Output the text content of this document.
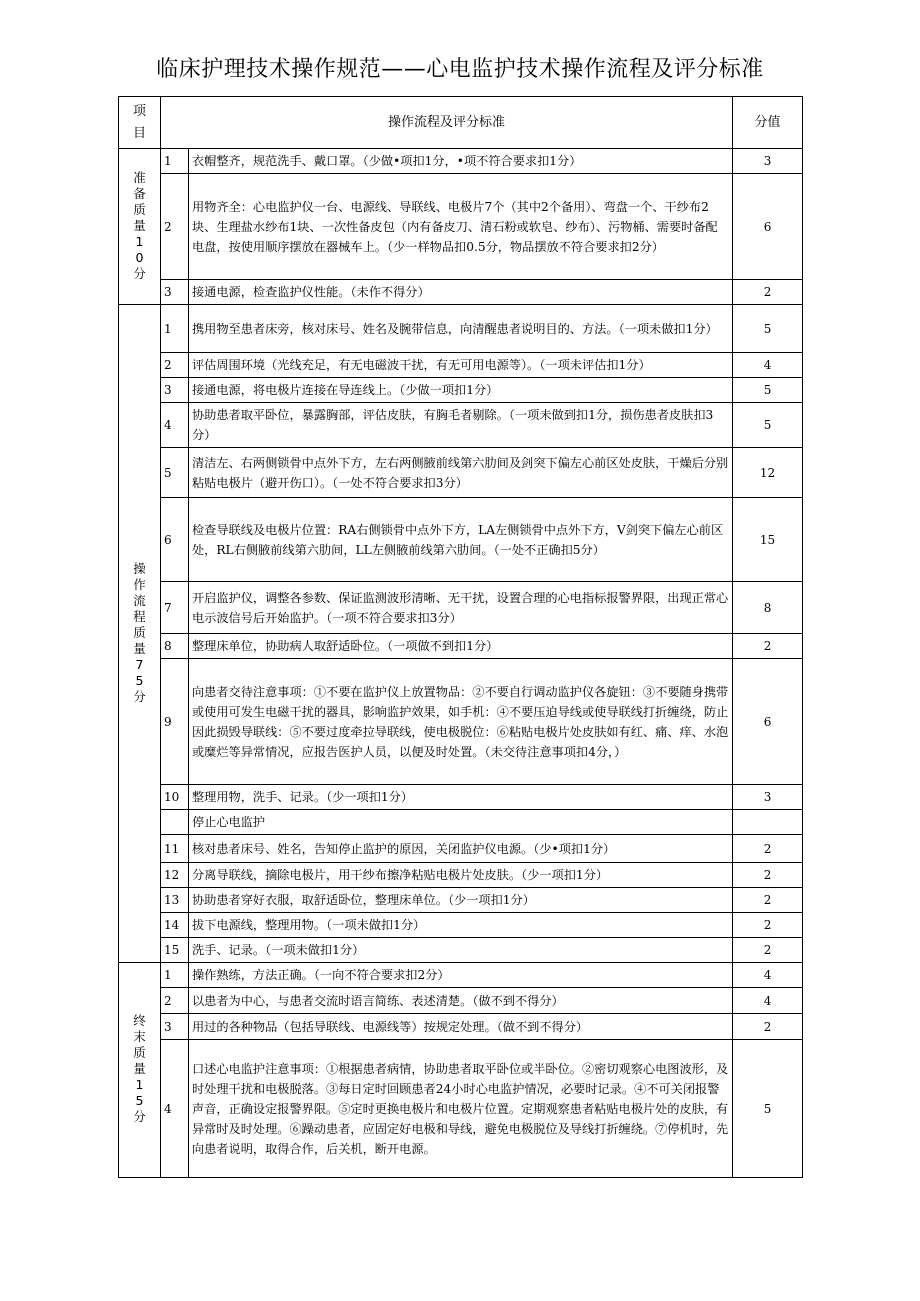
临床护理技术操作规范——心电监护技术操作流程及评分标准
项目	操作流程及评分标准		分值
准备质量10分	1	衣帽整齐，规范洗手、戴口罩。（少做•项扣1分，•项不符合要求扣1分）	3
	2	用物齐全：心电监护仪一台、电源线、导联线、电极片7个（其中2个备用）、弯盘一个、干纱布2块、生理盐水纱布1块、一次性备皮包（内有备皮刀、清石粉或软皂、纱布）、污物桶、需要时备配电盘，按使用顺序摆放在器械车上。（少一样物品扣0.5分，物品摆放不符合要求扣2分）	6
	3	接通电源，检查监护仪性能。（未作不得分）	2
操作流程质量75分	1	携用物至患者床旁，核对床号、姓名及腕带信息，向清醒患者说明目的、方法。（一项未做扣1分）	5
	2	评估周围环境（光线充足，有无电磁波干扰，有无可用电源等）。（一项未评估扣1分）	4
	3	接通电源，将电极片连接在导连线上。（少做一项扣1分）	5
	4	协助患者取平卧位，暴露胸部，评估皮肤，有胸毛者剔除。（一项未做到扣1分，损伤患者皮肤扣3分）	5
	5	清洁左、右两侧锁骨中点外下方，左右两侧腋前线第六肋间及剑突下偏左心前区处皮肤，干燥后分别粘贴电极片（避开伤口）。（一处不符合要求扣3分）	12
	6	检查导联线及电极片位置：RA右侧锁骨中点外下方，LA左侧锁骨中点外下方，V剑突下偏左心前区处，RL右侧腋前线第六肋间，LL左侧腋前线第六肋间。（一处不正确扣5分）	15
	7	开启监护仪，调整各参数、保证监测波形清晰、无干扰，设置合理的心电指标报警界限，出现正常心电示波信号后开始监护。（一项不符合要求扣3分）	8
	8	整理床单位，协助病人取舒适卧位。（一项做不到扣1分）	2
	9	向患者交待注意事项：①不要在监护仪上放置物品：②不要自行调动监护仪各旋钮：③不要随身携带或使用可发生电磁干扰的器具，影响监护效果，如手机：④不要压迫导线或使导联线打折缠绕，防止因此损毁导联线：⑤不要过度牵拉导联线，使电极脱位：⑥粘贴电极片处皮肤如有红、痛、痒、水泡或糜烂等异常情况，应报告医护人员，以便及时处置。（未交待注意事项扣4分，）	6
	10	整理用物，洗手、记录。（少一项扣1分）	3
		停止心电监护	
	11	核对患者床号、姓名，告知停止监护的原因，关闭监护仪电源。（少•项扣1分）	2
	12	分离导联线，摘除电极片，用干纱布擦净粘贴电极片处皮肤。（少一项扣1分）	2
	13	协助患者穿好衣服，取舒适卧位，整理床单位。（少一项扣1分）	2
	14	拔下电源线，整理用物。（一项未做扣1分）	2
	15	洗手、记录。（一项未做扣1分）	2
终末质量15分	1	操作熟练，方法正确。（一向不符合要求扣2分）	4
	2	以患者为中心，与患者交流时语言简练、表述清楚。（做不到不得分）	4
	3	用过的各种物品（包括导联线、电源线等）按规定处理。（做不到不得分）	2
	4	口述心电监护注意事项：①根据患者病情，协助患者取平卧位或半卧位。②密切观察心电图波形，及时处理干扰和电极脱落。③每日定时回顾患者24小时心电监护情况，必要时记录。④不可关闭报警声音，正确设定报警界限。⑤定时更换电极片和电极片位置。定期观察患者粘贴电极片处的皮肤，有异常时及时处理。⑥躁动患者，应固定好电极和导线，避免电极脱位及导线打折缠绕。⑦停机时，先向患者说明，取得合作，后关机，断开电源。	5
